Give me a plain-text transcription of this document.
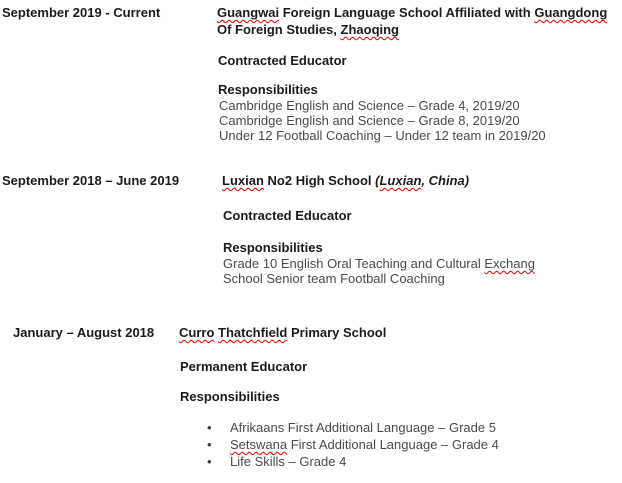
September 2019 - Current	Guangwai Foreign Language School Affiliated with Guangdong
Of Foreign Studies, Zhaoqing
Contracted Educator
Responsibilities
Cambridge English and Science – Grade 4, 2019/20
Cambridge English and Science – Grade 8, 2019/20
Under 12 Football Coaching – Under 12 team in 2019/20
September 2018 – June 2019	Luxian No2 High School (Luxian, China)
Contracted Educator
Responsibilities
Grade 10 English Oral Teaching and Cultural Exchang
School Senior team Football Coaching
January – August 2018 Curro Thatchfield Primary School
Permanent Educator
Responsibilities
• Afrikaans First Additional Language – Grade 5
• Setswana First Additional Language – Grade 4
• Life Skills – Grade 4
